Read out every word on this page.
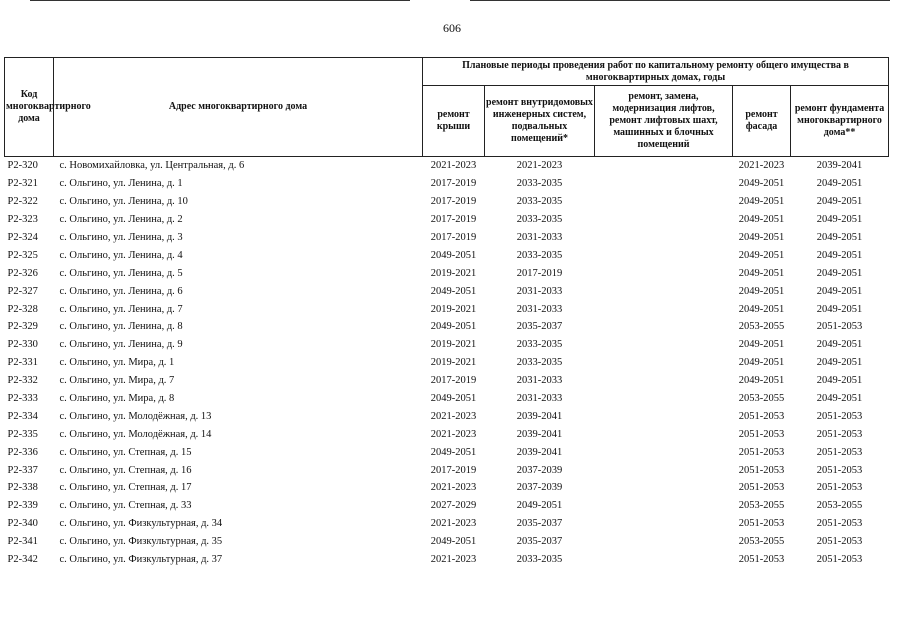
606
Код многоквартирного дома	Адрес многоквартирного дома	Плановые периоды проведения работ по капитальному ремонту общего имущества в многоквартирных домах, годы				
		ремонт крыши	ремонт внутридомовых инженерных систем, подвальных помещений*	ремонт, замена, модернизация лифтов, ремонт лифтовых шахт, машинных и блочных помещений	ремонт фасада	ремонт фундамента многоквартирного дома**
P2-320	с. Новомихайловка, ул. Центральная, д. 6	2021-2023	2021-2023		2021-2023	2039-2041
P2-321	с. Ольгино, ул. Ленина, д. 1	2017-2019	2033-2035		2049-2051	2049-2051
P2-322	с. Ольгино, ул. Ленина, д. 10	2017-2019	2033-2035		2049-2051	2049-2051
P2-323	с. Ольгино, ул. Ленина, д. 2	2017-2019	2033-2035		2049-2051	2049-2051
P2-324	с. Ольгино, ул. Ленина, д. 3	2017-2019	2031-2033		2049-2051	2049-2051
P2-325	с. Ольгино, ул. Ленина, д. 4	2049-2051	2033-2035		2049-2051	2049-2051
P2-326	с. Ольгино, ул. Ленина, д. 5	2019-2021	2017-2019		2049-2051	2049-2051
P2-327	с. Ольгино, ул. Ленина, д. 6	2049-2051	2031-2033		2049-2051	2049-2051
P2-328	с. Ольгино, ул. Ленина, д. 7	2019-2021	2031-2033		2049-2051	2049-2051
P2-329	с. Ольгино, ул. Ленина, д. 8	2049-2051	2035-2037		2053-2055	2051-2053
P2-330	с. Ольгино, ул. Ленина, д. 9	2019-2021	2033-2035		2049-2051	2049-2051
P2-331	с. Ольгино, ул. Мира, д. 1	2019-2021	2033-2035		2049-2051	2049-2051
P2-332	с. Ольгино, ул. Мира, д. 7	2017-2019	2031-2033		2049-2051	2049-2051
P2-333	с. Ольгино, ул. Мира, д. 8	2049-2051	2031-2033		2053-2055	2049-2051
P2-334	с. Ольгино, ул. Молодёжная, д. 13	2021-2023	2039-2041		2051-2053	2051-2053
P2-335	с. Ольгино, ул. Молодёжная, д. 14	2021-2023	2039-2041		2051-2053	2051-2053
P2-336	с. Ольгино, ул. Степная, д. 15	2049-2051	2039-2041		2051-2053	2051-2053
P2-337	с. Ольгино, ул. Степная, д. 16	2017-2019	2037-2039		2051-2053	2051-2053
P2-338	с. Ольгино, ул. Степная, д. 17	2021-2023	2037-2039		2051-2053	2051-2053
P2-339	с. Ольгино, ул. Степная, д. 33	2027-2029	2049-2051		2053-2055	2053-2055
P2-340	с. Ольгино, ул. Физкультурная, д. 34	2021-2023	2035-2037		2051-2053	2051-2053
P2-341	с. Ольгино, ул. Физкультурная, д. 35	2049-2051	2035-2037		2053-2055	2051-2053
P2-342	с. Ольгино, ул. Физкультурная, д. 37	2021-2023	2033-2035		2051-2053	2051-2053
